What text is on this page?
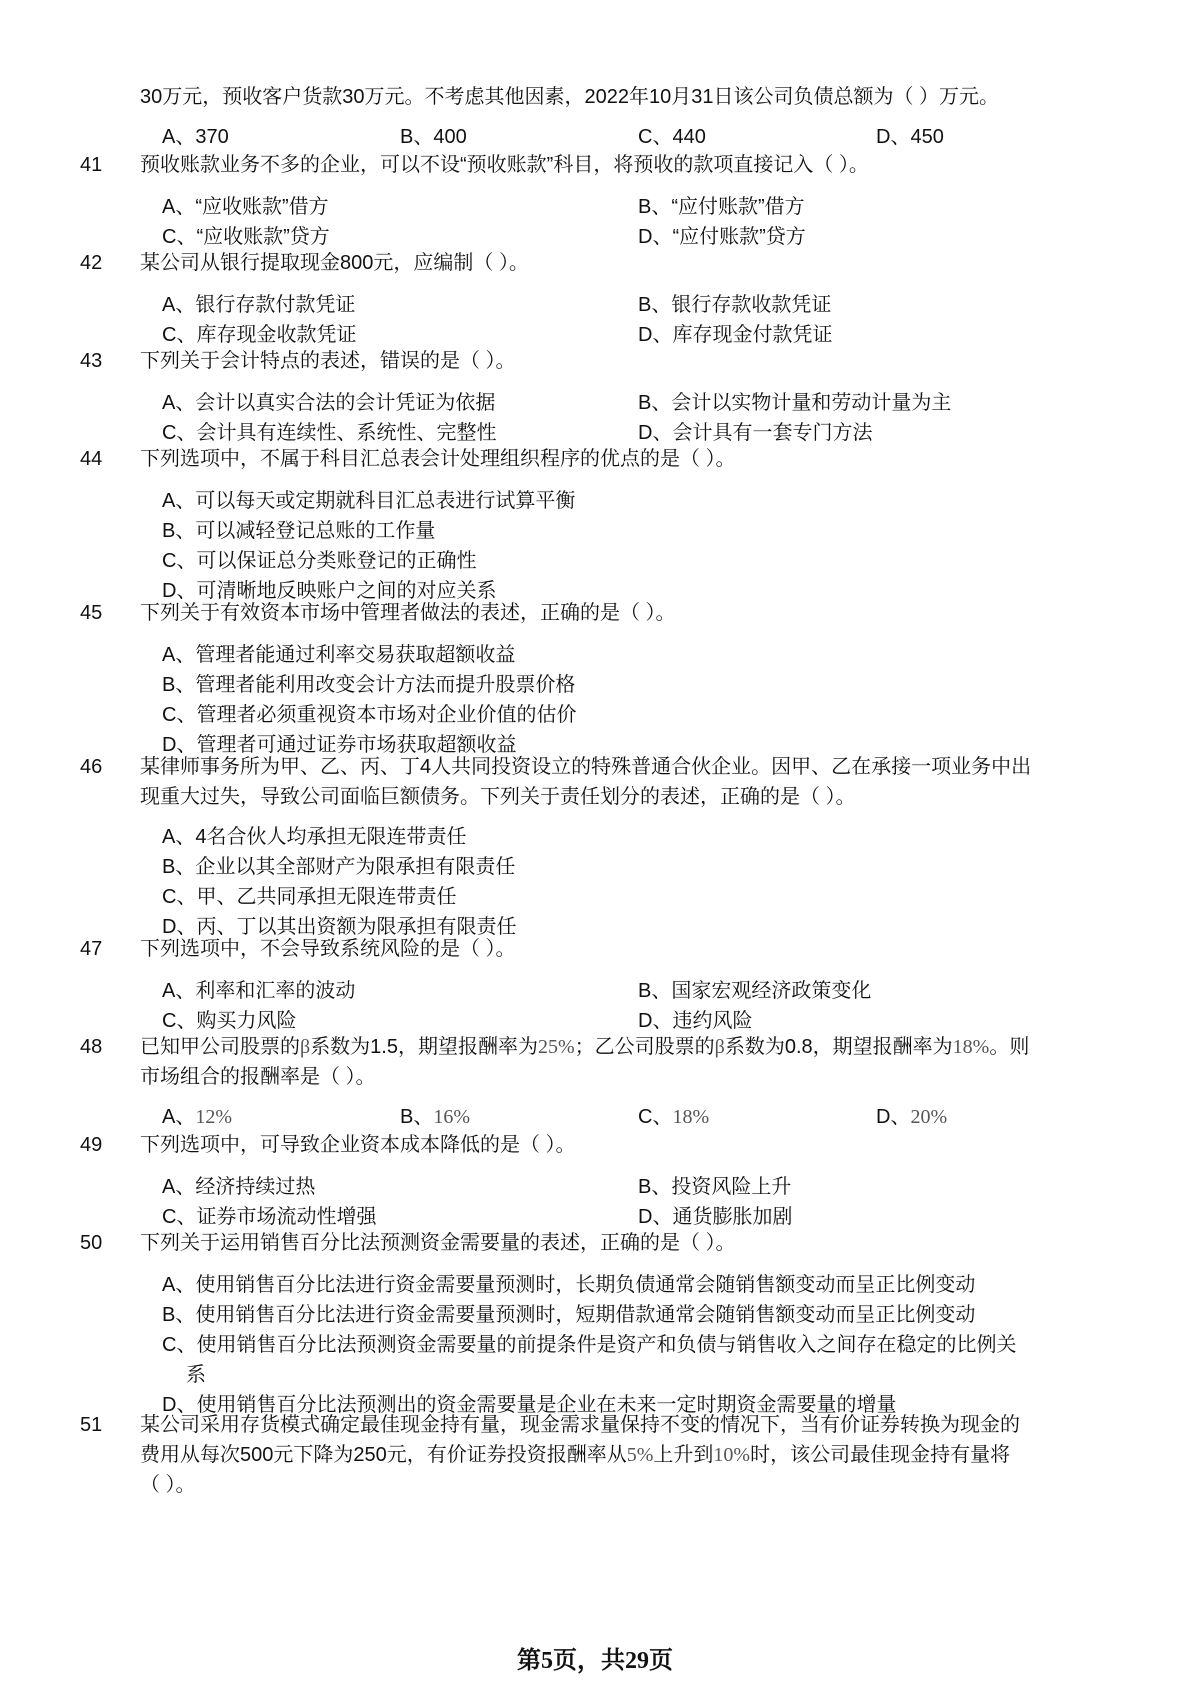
30万元，预收客户货款30万元。不考虑其他因素，2022年10月31日该公司负债总额为（ ）万元。
A、370	B、400	C、440	D、450
41	预收账款业务不多的企业，可以不设“预收账款”科目，将预收的款项直接记入（ ）。
A、“应收账款”借方	B、“应付账款”借方
C、“应收账款”贷方	D、“应付账款”贷方
42	某公司从银行提取现金800元，应编制（ ）。
A、银行存款付款凭证	B、银行存款收款凭证
C、库存现金收款凭证	D、库存现金付款凭证
43	下列关于会计特点的表述，错误的是（ ）。
A、会计以真实合法的会计凭证为依据	B、会计以实物计量和劳动计量为主
C、会计具有连续性、系统性、完整性	D、会计具有一套专门方法
44	下列选项中，不属于科目汇总表会计处理组织程序的优点的是（ ）。
A、可以每天或定期就科目汇总表进行试算平衡
B、可以减轻登记总账的工作量
C、可以保证总分类账登记的正确性
D、可清晰地反映账户之间的对应关系
45	下列关于有效资本市场中管理者做法的表述，正确的是（ ）。
A、管理者能通过利率交易获取超额收益
B、管理者能利用改变会计方法而提升股票价格
C、管理者必须重视资本市场对企业价值的估价
D、管理者可通过证券市场获取超额收益
46	某律师事务所为甲、乙、丙、丁4人共同投资设立的特殊普通合伙企业。因甲、乙在承接一项业务中出
现重大过失，导致公司面临巨额债务。下列关于责任划分的表述，正确的是（ ）。
A、4名合伙人均承担无限连带责任
B、企业以其全部财产为限承担有限责任
C、甲、乙共同承担无限连带责任
D、丙、丁以其出资额为限承担有限责任
47	下列选项中，不会导致系统风险的是（ ）。
A、利率和汇率的波动	B、国家宏观经济政策变化
C、购买力风险	D、违约风险
48	已知甲公司股票的β系数为1.5，期望报酬率为25%；乙公司股票的β系数为0.8，期望报酬率为18%。则
市场组合的报酬率是（ ）。
A、12%	B、16%	C、18%	D、20%
49	下列选项中，可导致企业资本成本降低的是（ ）。
A、经济持续过热	B、投资风险上升
C、证券市场流动性增强	D、通货膨胀加剧
50	下列关于运用销售百分比法预测资金需要量的表述，正确的是（ ）。
A、使用销售百分比法进行资金需要量预测时，长期负债通常会随销售额变动而呈正比例变动
B、使用销售百分比法进行资金需要量预测时，短期借款通常会随销售额变动而呈正比例变动
C、使用销售百分比法预测资金需要量的前提条件是资产和负债与销售收入之间存在稳定的比例关
系
D、使用销售百分比法预测出的资金需要量是企业在未来一定时期资金需要量的增量
51	某公司采用存货模式确定最佳现金持有量，现金需求量保持不变的情况下，当有价证券转换为现金的
费用从每次500元下降为250元，有价证券投资报酬率从5%上升到10%时，该公司最佳现金持有量将
（ ）。
第5页，共29页
